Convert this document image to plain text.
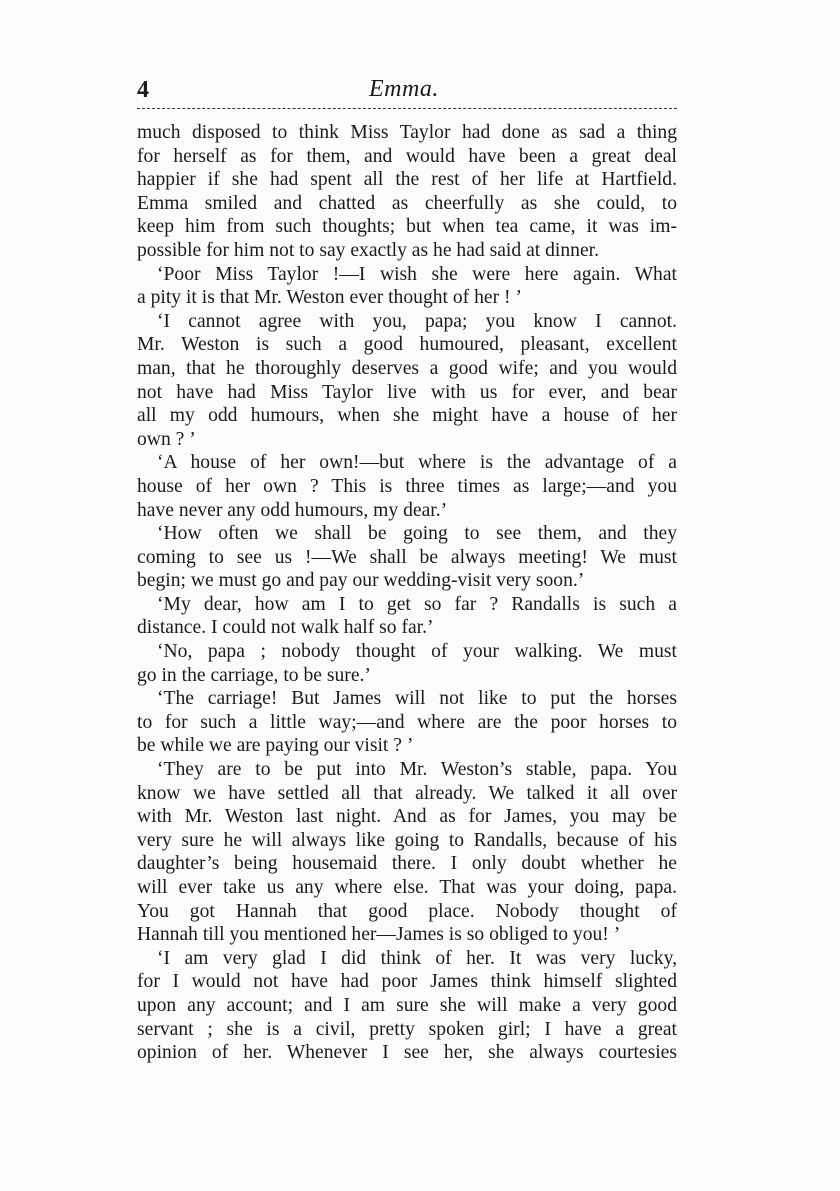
4	Emma.
much disposed to think Miss Taylor had done as sad a thing
for herself as for them, and would have been a great deal
happier if she had spent all the rest of her life at Hartfield.
Emma smiled and chatted as cheerfully as she could, to
keep him from such thoughts; but when tea came, it was im-
possible for him not to say exactly as he had said at dinner.
‘Poor Miss Taylor !—I wish she were here again. What
a pity it is that Mr. Weston ever thought of her ! ’
‘I cannot agree with you, papa; you know I cannot.
Mr. Weston is such a good humoured, pleasant, excellent
man, that he thoroughly deserves a good wife; and you would
not have had Miss Taylor live with us for ever, and bear
all my odd humours, when she might have a house of her
own ? ’
‘A house of her own!—but where is the advantage of a
house of her own ? This is three times as large;—and you
have never any odd humours, my dear.’
‘How often we shall be going to see them, and they
coming to see us !—We shall be always meeting! We must
begin; we must go and pay our wedding-visit very soon.’
‘My dear, how am I to get so far ? Randalls is such a
distance. I could not walk half so far.’
‘No, papa ; nobody thought of your walking. We must
go in the carriage, to be sure.’
‘The carriage! But James will not like to put the horses
to for such a little way;—and where are the poor horses to
be while we are paying our visit ? ’
‘They are to be put into Mr. Weston’s stable, papa. You
know we have settled all that already. We talked it all over
with Mr. Weston last night. And as for James, you may be
very sure he will always like going to Randalls, because of his
daughter’s being housemaid there. I only doubt whether he
will ever take us any where else. That was your doing, papa.
You got Hannah that good place. Nobody thought of
Hannah till you mentioned her—James is so obliged to you! ’
‘I am very glad I did think of her. It was very lucky,
for I would not have had poor James think himself slighted
upon any account; and I am sure she will make a very good
servant ; she is a civil, pretty spoken girl; I have a great
opinion of her. Whenever I see her, she always courtesies
